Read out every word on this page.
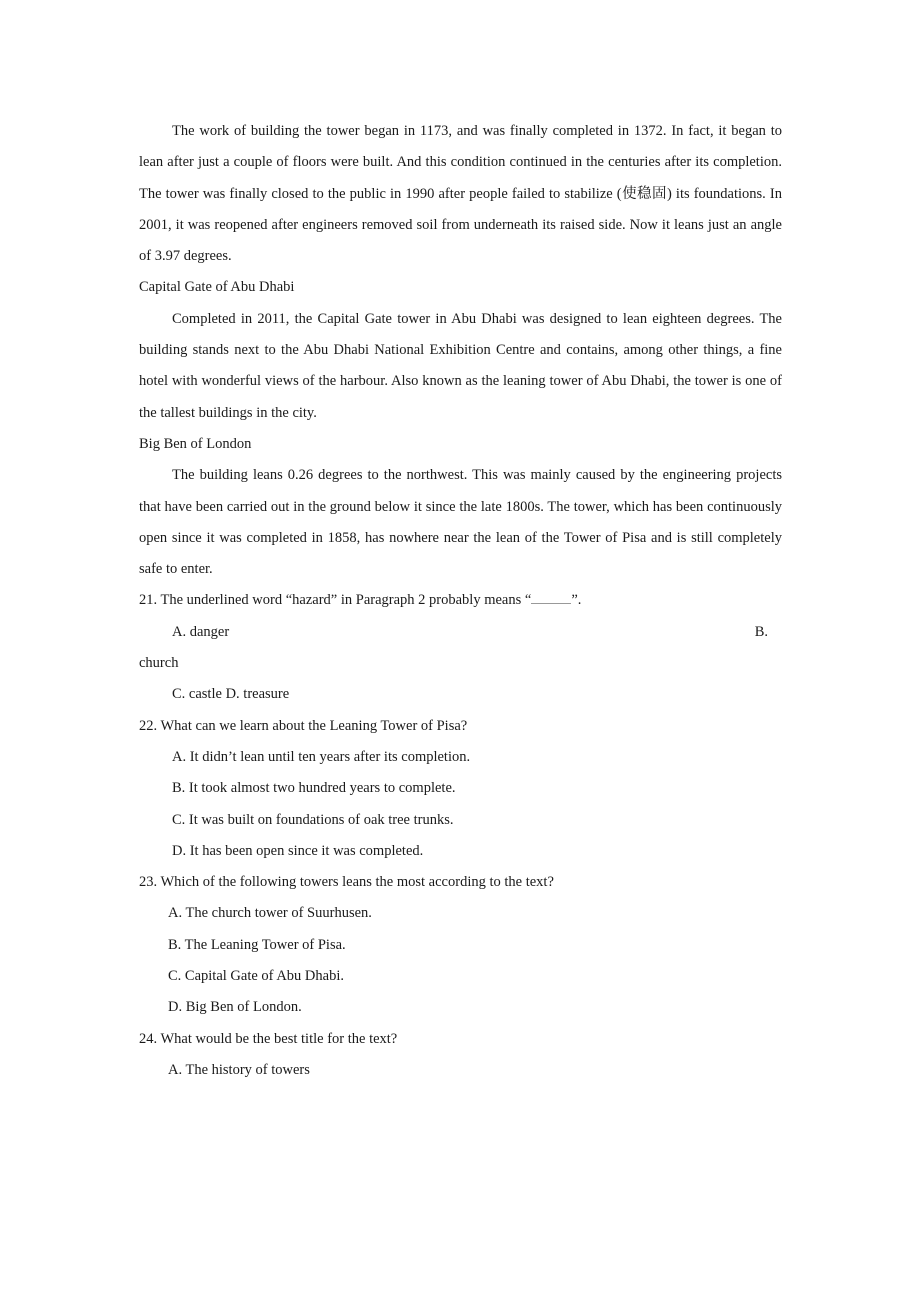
The work of building the tower began in 1173, and was finally completed in 1372. In fact, it began to lean after just a couple of floors were built. And this condition continued in the centuries after its completion. The tower was finally closed to the public in 1990 after people failed to stabilize (使稳固) its foundations. In 2001, it was reopened after engineers removed soil from underneath its raised side. Now it leans just an angle of 3.97 degrees.

Capital Gate of Abu Dhabi

Completed in 2011, the Capital Gate tower in Abu Dhabi was designed to lean eighteen degrees. The building stands next to the Abu Dhabi National Exhibition Centre and contains, among other things, a fine hotel with wonderful views of the harbour. Also known as the leaning tower of Abu Dhabi, the tower is one of the tallest buildings in the city.

Big Ben of London

The building leans 0.26 degrees to the northwest. This was mainly caused by the engineering projects that have been carried out in the ground below it since the late 1800s. The tower, which has been continuously open since it was completed in 1858, has nowhere near the lean of the Tower of Pisa and is still completely safe to enter.

21. The underlined word “hazard” in Paragraph 2 probably means “	”.

A. danger	B.

church

C. castle D. treasure

22. What can we learn about the Leaning Tower of Pisa?

A. It didn’t lean until ten years after its completion.

B. It took almost two hundred years to complete.

C. It was built on foundations of oak tree trunks.

D. It has been open since it was completed.

23. Which of the following towers leans the most according to the text?

A. The church tower of Suurhusen.

B. The Leaning Tower of Pisa.

C. Capital Gate of Abu Dhabi.

D. Big Ben of London.

24. What would be the best title for the text?

A. The history of towers
